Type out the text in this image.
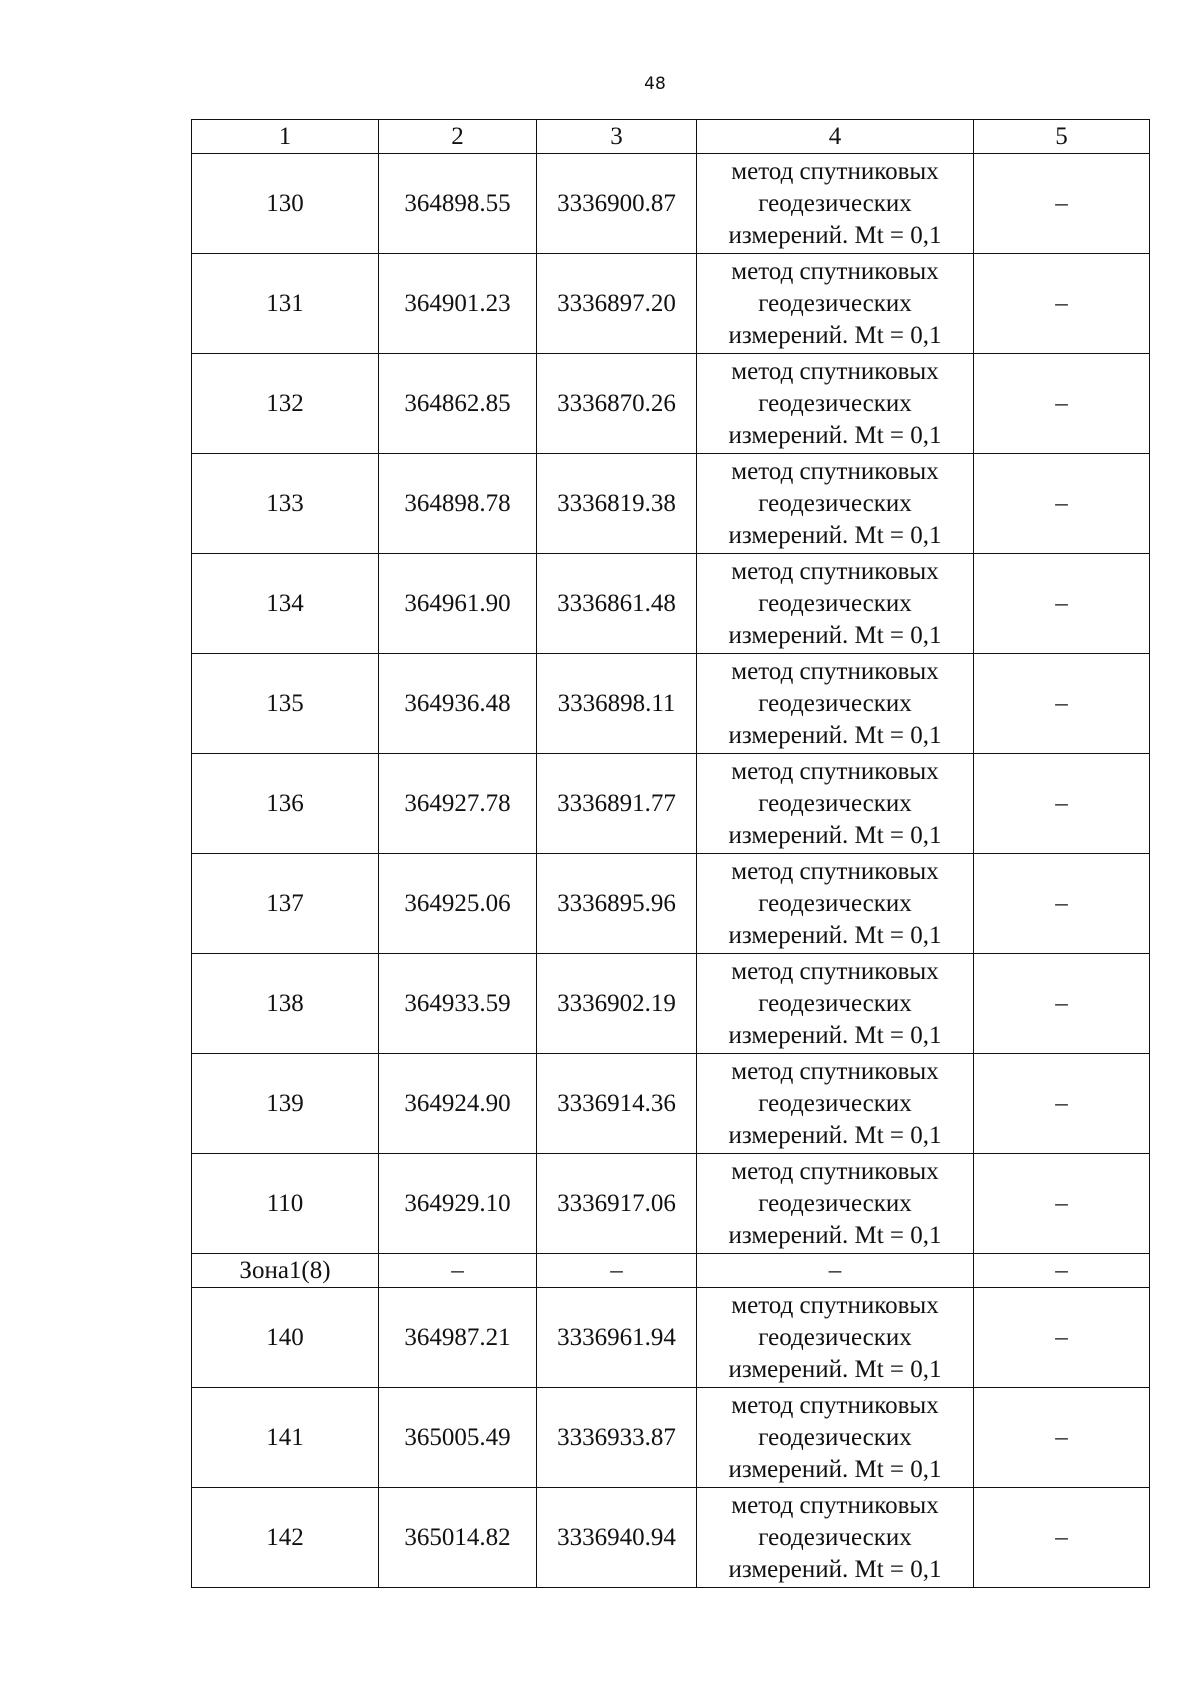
48
1	2	3	4	5
130	364898.55	3336900.87	метод спутниковых
геодезических
измерений. Mt = 0,1	–
131	364901.23	3336897.20	метод спутниковых
геодезических
измерений. Mt = 0,1	–
132	364862.85	3336870.26	метод спутниковых
геодезических
измерений. Mt = 0,1	–
133	364898.78	3336819.38	метод спутниковых
геодезических
измерений. Mt = 0,1	–
134	364961.90	3336861.48	метод спутниковых
геодезических
измерений. Mt = 0,1	–
135	364936.48	3336898.11	метод спутниковых
геодезических
измерений. Mt = 0,1	–
136	364927.78	3336891.77	метод спутниковых
геодезических
измерений. Mt = 0,1	–
137	364925.06	3336895.96	метод спутниковых
геодезических
измерений. Mt = 0,1	–
138	364933.59	3336902.19	метод спутниковых
геодезических
измерений. Mt = 0,1	–
139	364924.90	3336914.36	метод спутниковых
геодезических
измерений. Mt = 0,1	–
110	364929.10	3336917.06	метод спутниковых
геодезических
измерений. Mt = 0,1	–
Зона1(8)	–	–	–	–
140	364987.21	3336961.94	метод спутниковых
геодезических
измерений. Mt = 0,1	–
141	365005.49	3336933.87	метод спутниковых
геодезических
измерений. Mt = 0,1	–
142	365014.82	3336940.94	метод спутниковых
геодезических
измерений. Mt = 0,1	–
